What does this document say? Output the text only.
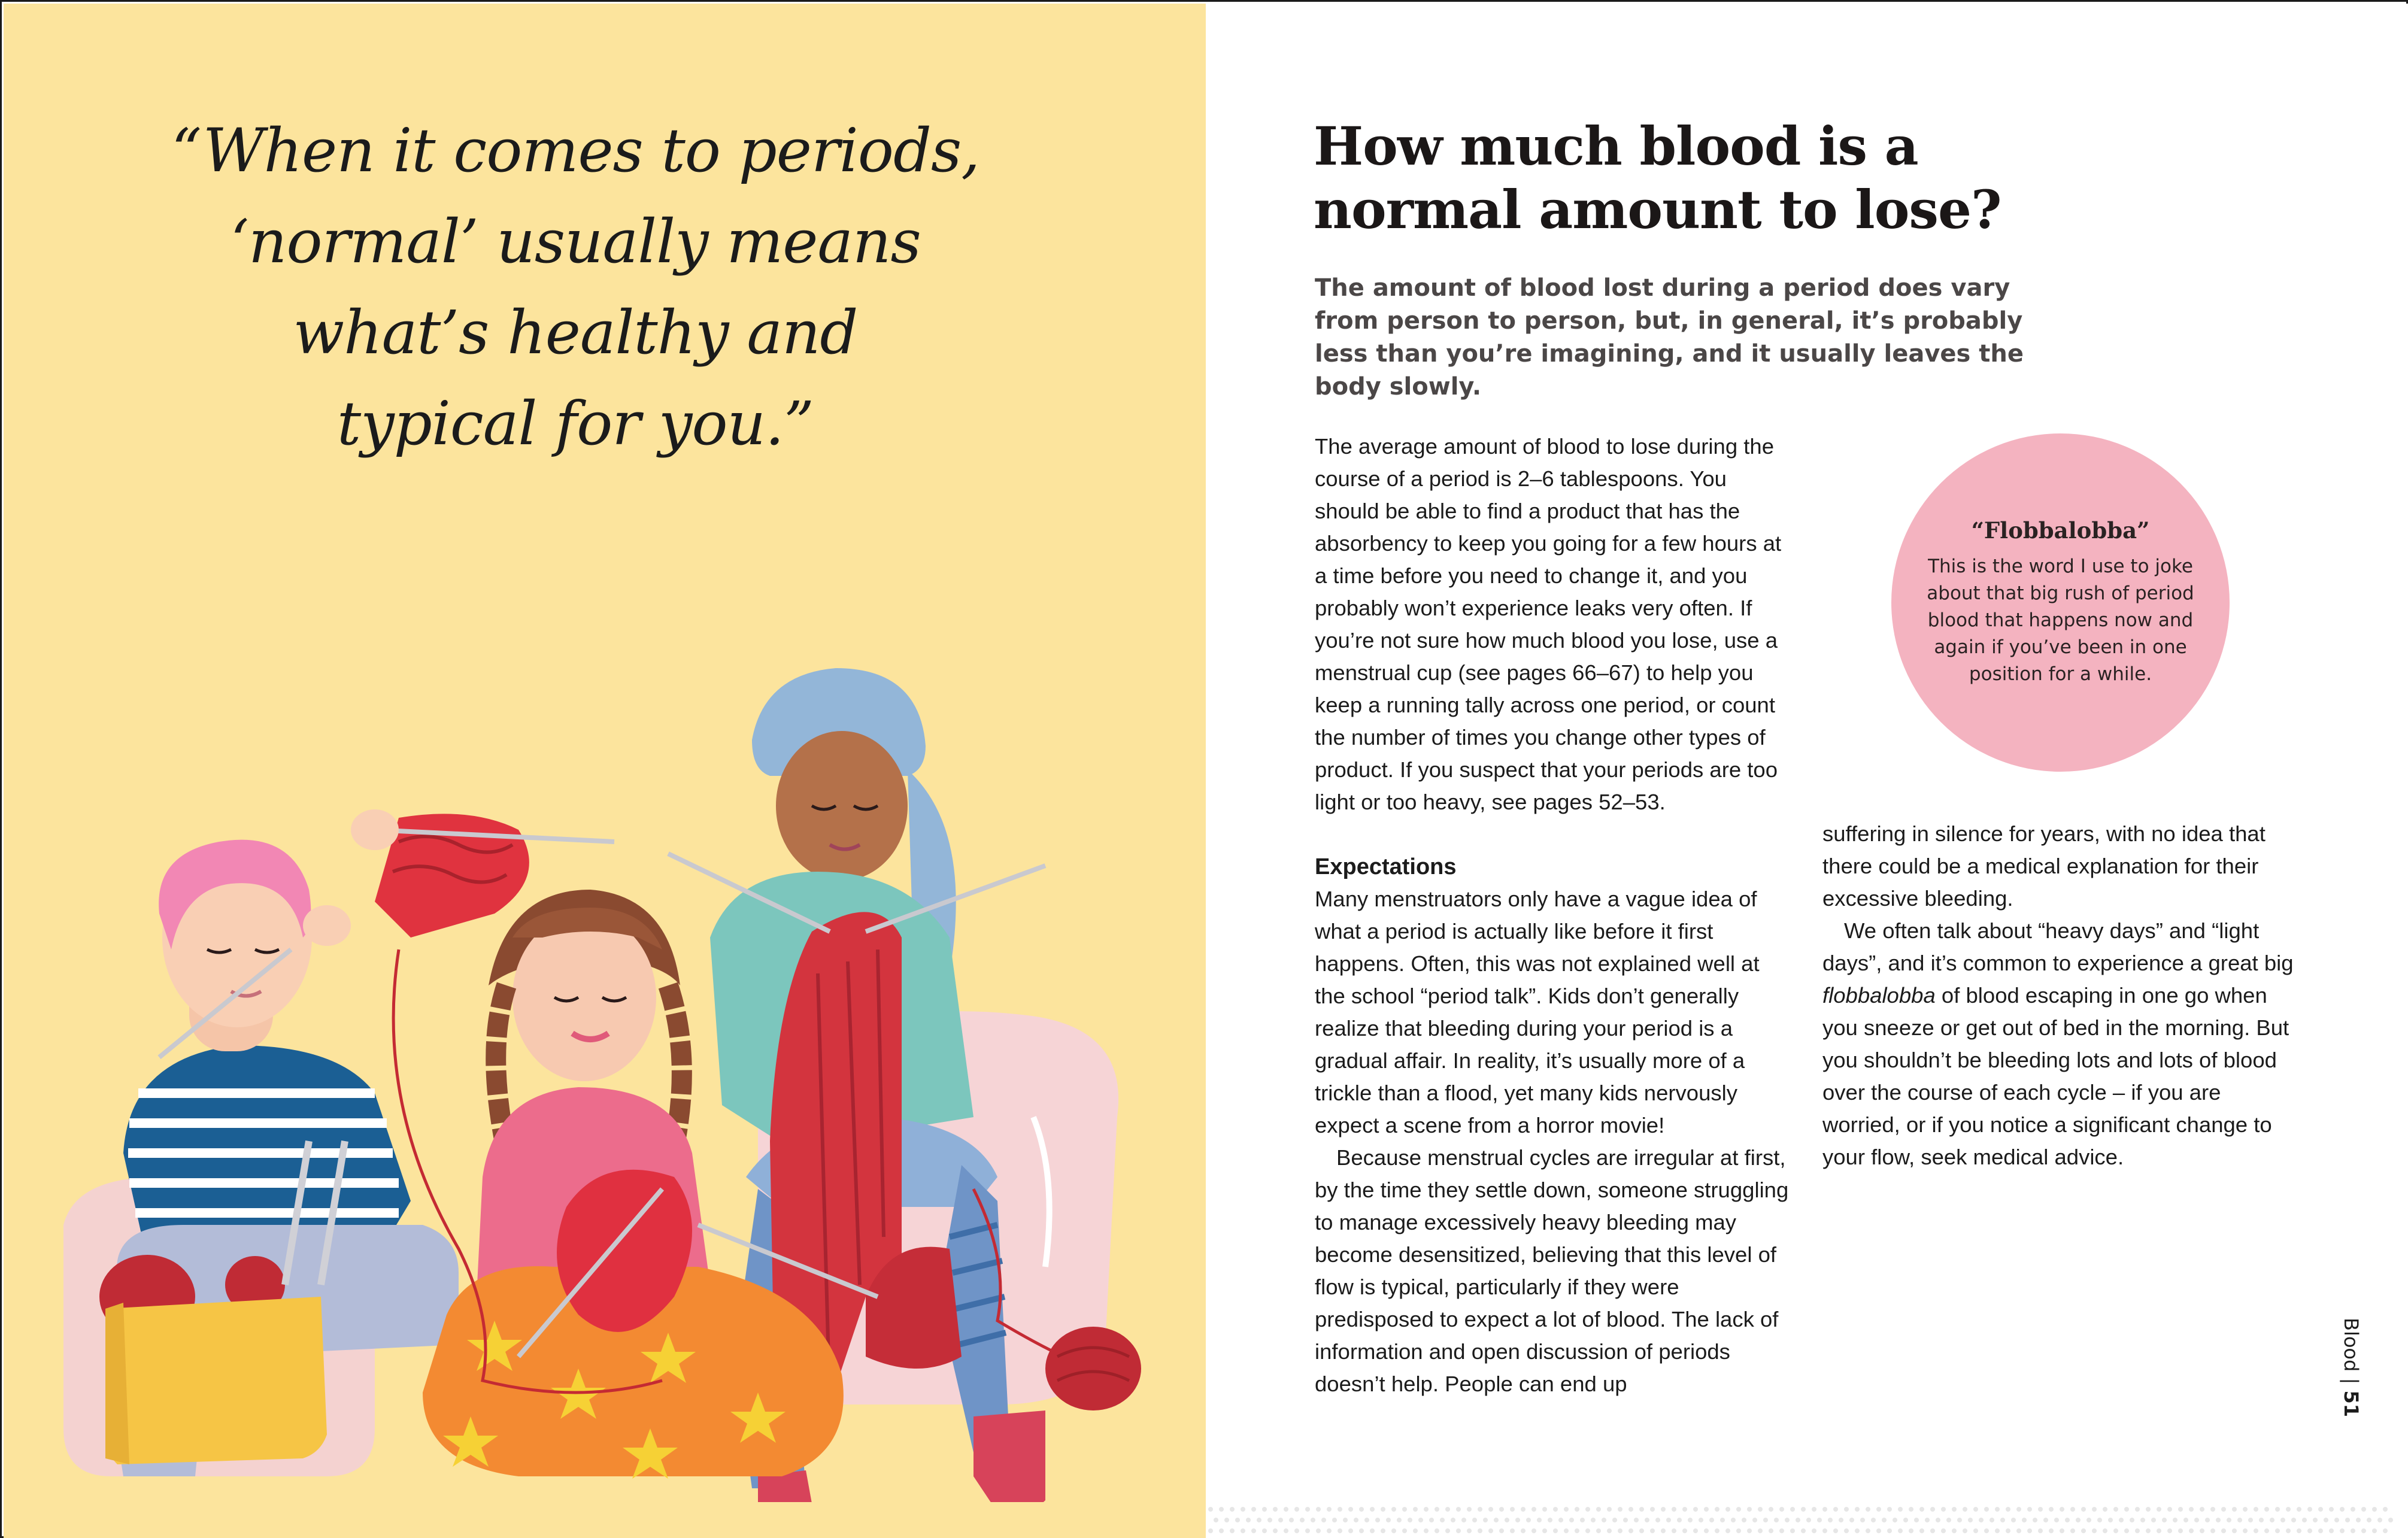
“When it comes to periods,

‘normal’ usually means

what’s healthy and

typical for you.”

How much blood is a
normal amount to lose?

The amount of blood lost during a period does vary from person to person, but, in general, it’s probably less than you’re imagining, and it usually leaves the body slowly.

The average amount of blood to lose during the course of a period is 2–6 tablespoons. You should be able to find a product that has the absorbency to keep you going for a few hours at a time before you need to change it, and you probably won’t experience leaks very often. If you’re not sure how much blood you lose, use a menstrual cup (see pages 66–67) to help you keep a running tally across one period, or count the number of times you change other types of product. If you suspect that your periods are too light or too heavy, see pages 52–53.

Expectations

Many menstruators only have a vague idea of what a period is actually like before it first happens. Often, this was not explained well at the school “period talk”. Kids don’t generally realize that bleeding during your period is a gradual affair. In reality, it’s usually more of a trickle than a flood, yet many kids nervously expect a scene from a horror movie!

Because menstrual cycles are irregular at first, by the time they settle down, someone struggling to manage excessively heavy bleeding may become desensitized, believing that this level of flow is typical, particularly if they were predisposed to expect a lot of blood. The lack of information and open discussion of periods doesn’t help. People can end up

“Flobbalobba”

This is the word I use to joke about that big rush of period blood that happens now and again if you’ve been in one position for a while.

suffering in silence for years, with no idea that there could be a medical explanation for their excessive bleeding.

We often talk about “heavy days” and “light days”, and it’s common to experience a great big flobbalobba of blood escaping in one go when you sneeze or get out of bed in the morning. But you shouldn’t be bleeding lots and lots of blood over the course of each cycle – if you are worried, or if you notice a significant change to your flow, seek medical advice.

Blood | 51
